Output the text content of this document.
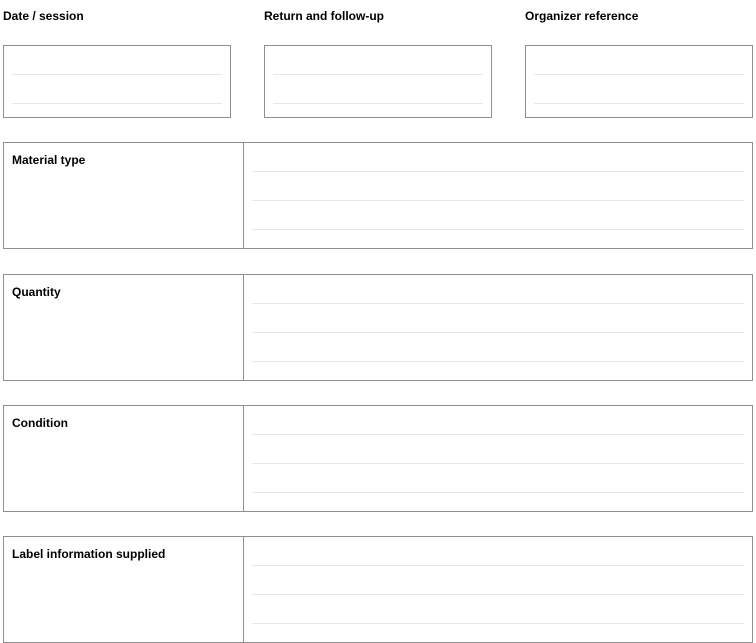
Date / session	Return and follow-up	Organizer reference
Material type
Quantity
Condition
Label information supplied
